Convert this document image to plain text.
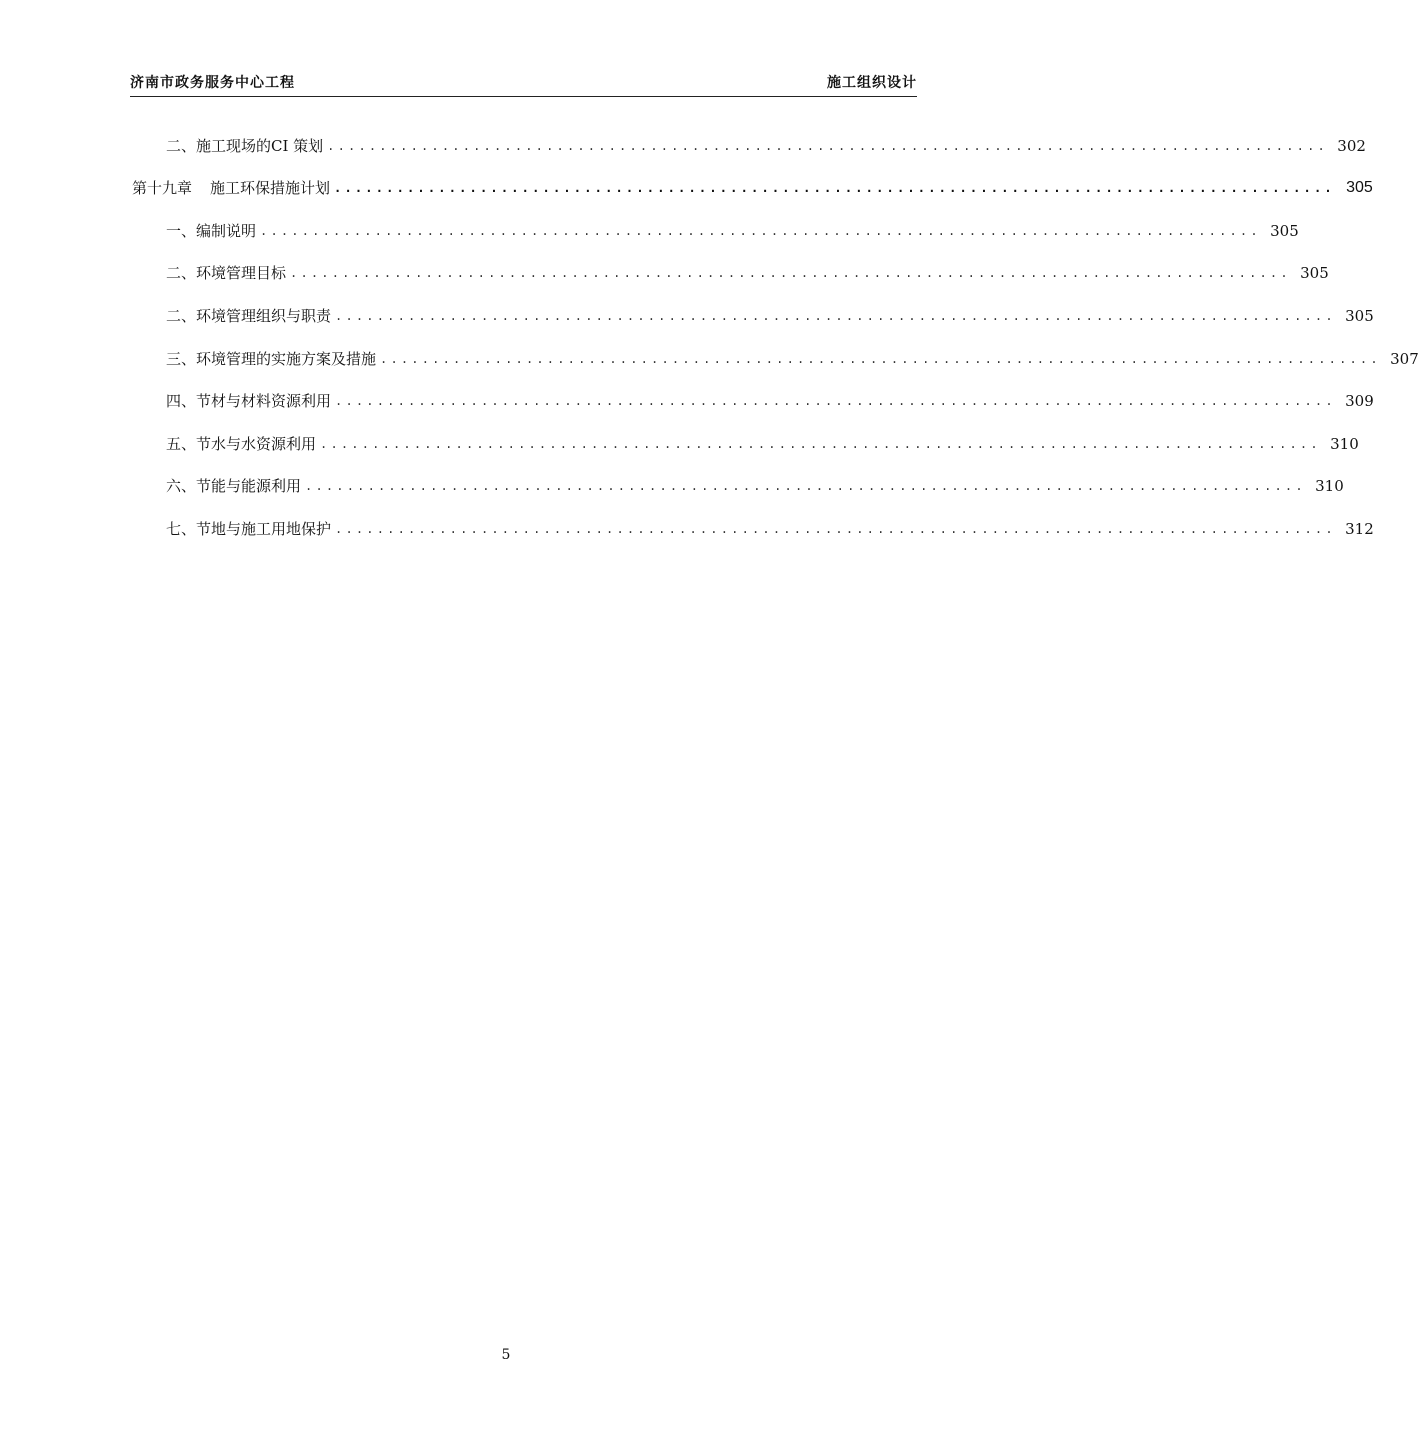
济南市政务服务中心工程	施工组织设计
二、施工现场的CI 策划 ................................................................................................ 302
第十九章 施工环保措施计划 ................................................................................................ 305
一、编制说明 ................................................................................................ 305
二、环境管理目标 ................................................................................................ 305
二、环境管理组织与职责 ................................................................................................ 305
三、环境管理的实施方案及措施 ................................................................................................ 307
四、节材与材料资源利用 ................................................................................................ 309
五、节水与水资源利用 ................................................................................................ 310
六、节能与能源利用 ................................................................................................ 310
七、节地与施工用地保护 ................................................................................................ 312
5
